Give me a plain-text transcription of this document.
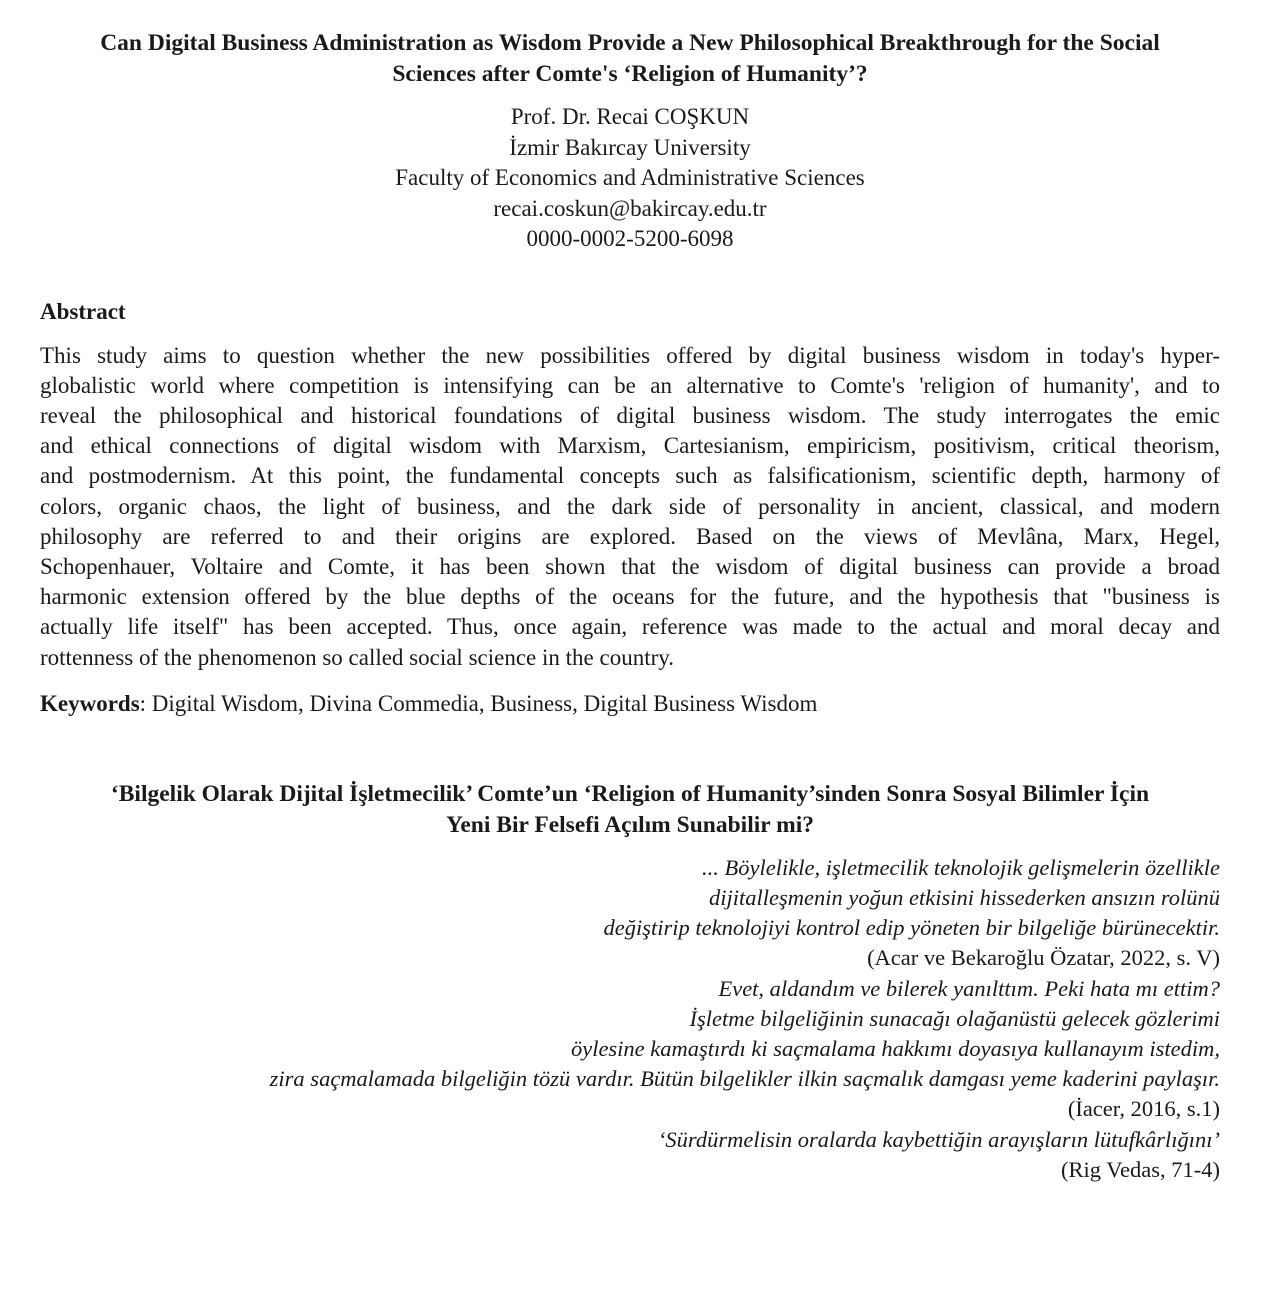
Can Digital Business Administration as Wisdom Provide a New Philosophical Breakthrough for the Social
Sciences after Comte's ‘Religion of Humanity’?
Prof. Dr. Recai COŞKUN
İzmir Bakırcay University
Faculty of Economics and Administrative Sciences
recai.coskun@bakircay.edu.tr
0000-0002-5200-6098
Abstract
This study aims to question whether the new possibilities offered by digital business wisdom in today's hyper-
globalistic world where competition is intensifying can be an alternative to Comte's 'religion of humanity', and to
reveal the philosophical and historical foundations of digital business wisdom. The study interrogates the emic
and ethical connections of digital wisdom with Marxism, Cartesianism, empiricism, positivism, critical theorism,
and postmodernism. At this point, the fundamental concepts such as falsificationism, scientific depth, harmony of
colors, organic chaos, the light of business, and the dark side of personality in ancient, classical, and modern
philosophy are referred to and their origins are explored. Based on the views of Mevlâna, Marx, Hegel,
Schopenhauer, Voltaire and Comte, it has been shown that the wisdom of digital business can provide a broad
harmonic extension offered by the blue depths of the oceans for the future, and the hypothesis that "business is
actually life itself" has been accepted. Thus, once again, reference was made to the actual and moral decay and
rottenness of the phenomenon so called social science in the country.
Keywords: Digital Wisdom, Divina Commedia, Business, Digital Business Wisdom
‘Bilgelik Olarak Dijital İşletmecilik’ Comte’un ‘Religion of Humanity’sinden Sonra Sosyal Bilimler İçin
Yeni Bir Felsefi Açılım Sunabilir mi?
... Böylelikle, işletmecilik teknolojik gelişmelerin özellikle
dijitalleşmenin yoğun etkisini hissederken ansızın rolünü
değiştirip teknolojiyi kontrol edip yöneten bir bilgeliğe bürünecektir.
(Acar ve Bekaroğlu Özatar, 2022, s. V)
Evet, aldandım ve bilerek yanılttım. Peki hata mı ettim?
İşletme bilgeliğinin sunacağı olağanüstü gelecek gözlerimi
öylesine kamaştırdı ki saçmalama hakkımı doyasıya kullanayım istedim,
zira saçmalamada bilgeliğin tözü vardır. Bütün bilgelikler ilkin saçmalık damgası yeme kaderini paylaşır.
(İacer, 2016, s.1)
‘Sürdürmelisin oralarda kaybettiğin arayışların lütufkârlığını’
(Rig Vedas, 71-4)
